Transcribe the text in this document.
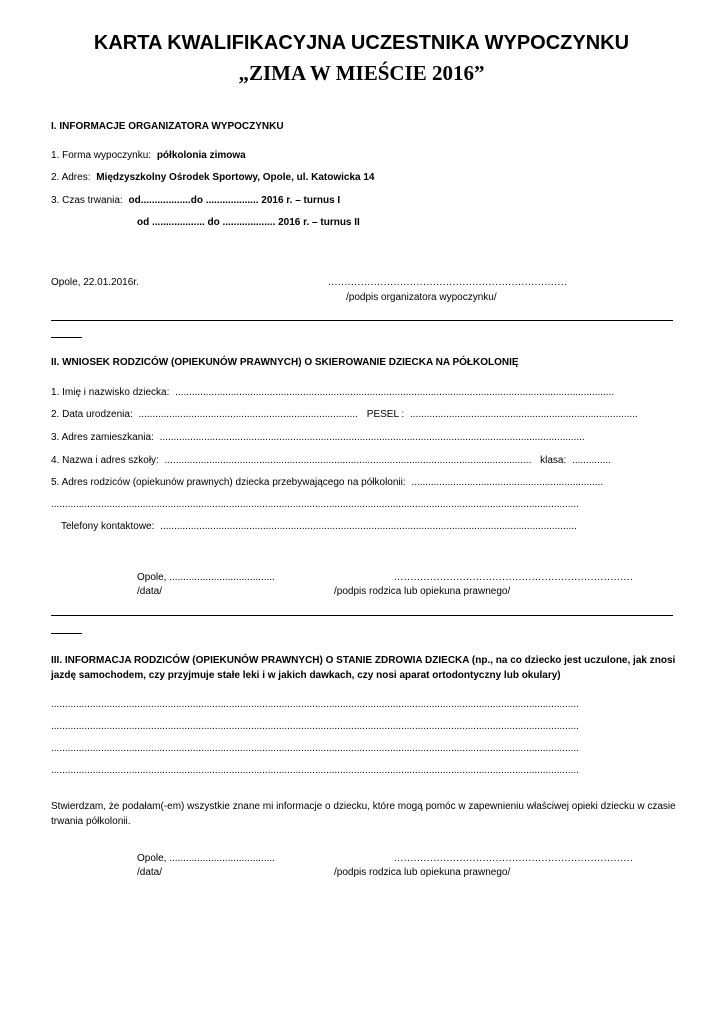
KARTA KWALIFIKACYJNA UCZESTNIKA WYPOCZYNKU
„ZIMA W MIEŚCIE 2016”
I. INFORMACJE ORGANIZATORA WYPOCZYNKU
1. Forma wypoczynku: półkolonia zimowa
2. Adres: Międzyszkolny Ośrodek Sportowy, Opole, ul. Katowicka 14
3. Czas trwania: od..................do ................... 2016 r. – turnus I
od ................... do ................... 2016 r. – turnus II
Opole, 22.01.2016r.	.........................................................................
/podpis organizatora wypoczynku/
II. WNIOSEK RODZICÓW (OPIEKUNÓW PRAWNYCH) O SKIEROWANIE DZIECKA NA PÓŁKOLONIĘ
1. Imię i nazwisko dziecka: ..............................................................................................................................................................
2. Data urodzenia: ............................................................................... PESEL : ..................................................................................
3. Adres zamieszkania: .........................................................................................................................................................
4. Nazwa i adres szkoły: .................................................................................................................................... klasa: ..............
5. Adres rodziców (opiekunów prawnych) dziecka przebywającego na półkolonii: .....................................................................
..............................................................................................................................................................................................
Telefony kontaktowe: ......................................................................................................................................................
Opole, ......................................	.........................................................................
/data/	/podpis rodzica lub opiekuna prawnego/
III. INFORMACJA RODZICÓW (OPIEKUNÓW PRAWNYCH) O STANIE ZDROWIA DZIECKA (np., na co dziecko jest uczulone, jak znosi jazdę samochodem, czy przyjmuje stałe leki i w jakich dawkach, czy nosi aparat ortodontyczny lub okulary)
..............................................................................................................................................................................................
..............................................................................................................................................................................................
..............................................................................................................................................................................................
..............................................................................................................................................................................................
Stwierdzam, że podałam(-em) wszystkie znane mi informacje o dziecku, które mogą pomóc w zapewnieniu właściwej opieki dziecku w czasie trwania półkolonii.
Opole, ......................................	.........................................................................
/data/	/podpis rodzica lub opiekuna prawnego/
